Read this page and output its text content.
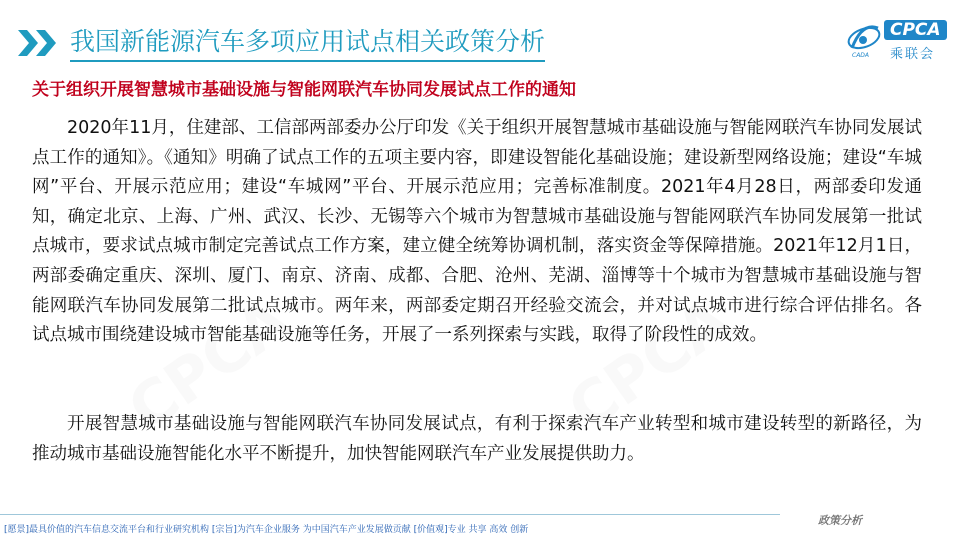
我国新能源汽车多项应用试点相关政策分析	CPCA
乘联会
CADA
CPCA	CPCA
关于组织开展智慧城市基础设施与智能网联汽车协同发展试点工作的通知

2020年11月，住建部、工信部两部委办公厅印发《关于组织开展智慧城市基础设施与智能网联汽车协同发展试点工作的通知》。《通知》明确了试点工作的五项主要内容，即建设智能化基础设施；建设新型网络设施；建设“车城网”平台、开展示范应用；建设“车城网”平台、开展示范应用；完善标准制度。2021年4月28日，两部委印发通知，确定北京、上海、广州、武汉、长沙、无锡等六个城市为智慧城市基础设施与智能网联汽车协同发展第一批试点城市，要求试点城市制定完善试点工作方案，建立健全统筹协调机制，落实资金等保障措施。2021年12月1日，两部委确定重庆、深圳、厦门、南京、济南、成都、合肥、沧州、芜湖、淄博等十个城市为智慧城市基础设施与智能网联汽车协同发展第二批试点城市。两年来，两部委定期召开经验交流会，并对试点城市进行综合评估排名。各试点城市围绕建设城市智能基础设施等任务，开展了一系列探索与实践，取得了阶段性的成效。

开展智慧城市基础设施与智能网联汽车协同发展试点，有利于探索汽车产业转型和城市建设转型的新路径，为推动城市基础设施智能化水平不断提升，加快智能网联汽车产业发展提供助力。

[愿景]最具价值的汽车信息交流平台和行业研究机构 [宗旨]为汽车企业服务 为中国汽车产业发展做贡献 [价值观]专业 共享 高效 创新
政策分析
